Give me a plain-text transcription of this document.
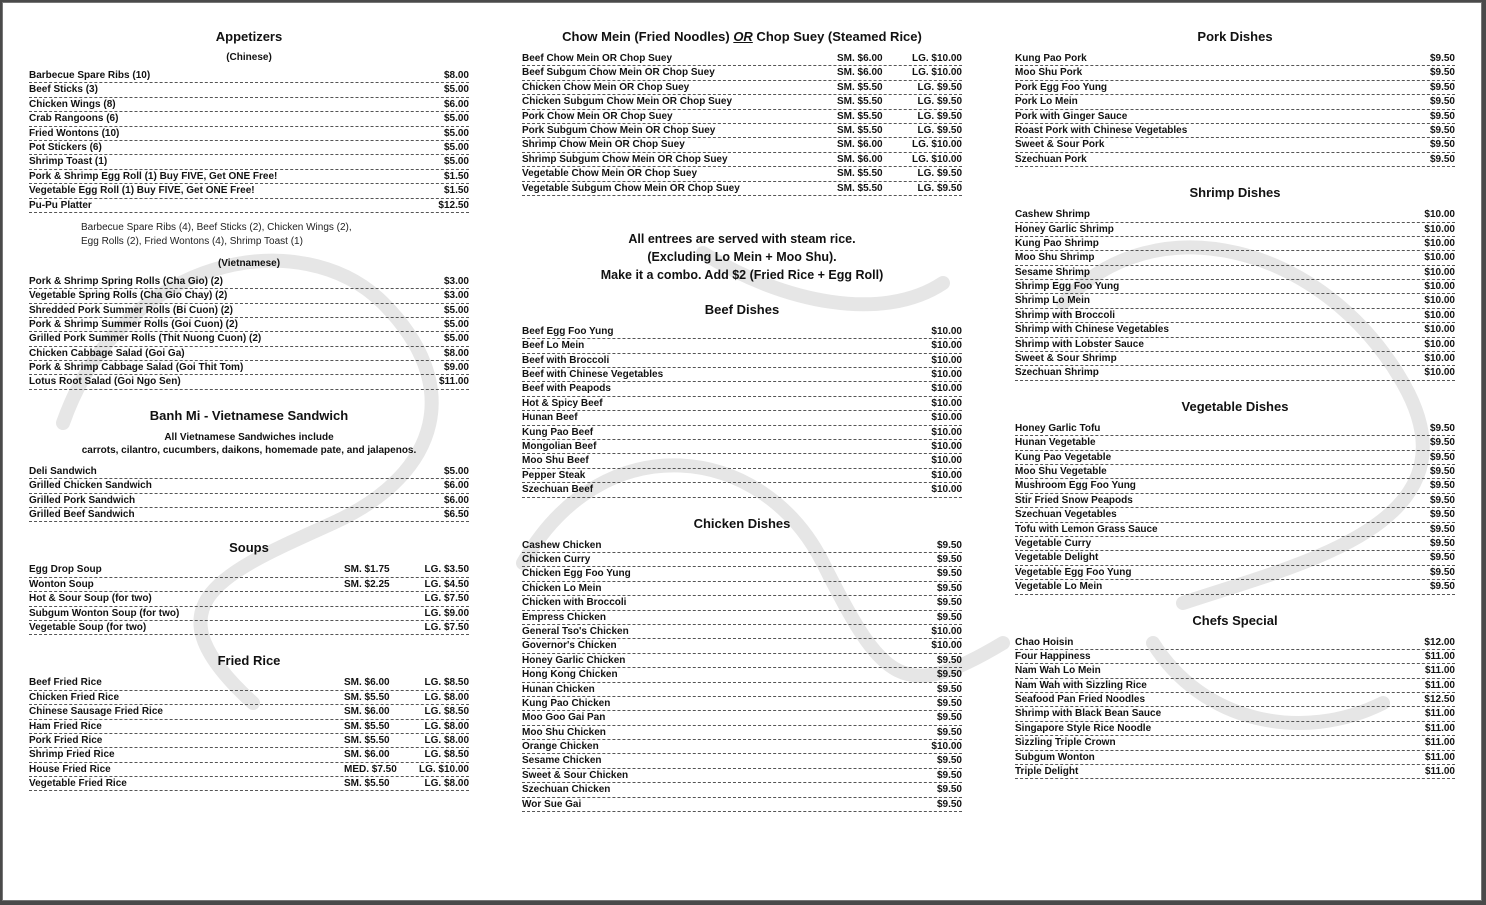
Appetizers
(Chinese)
Barbecue Spare Ribs (10)	$8.00
Beef Sticks (3)	$5.00
Chicken Wings (8)	$6.00
Crab Rangoons (6)	$5.00
Fried Wontons (10)	$5.00
Pot Stickers (6)	$5.00
Shrimp Toast (1)	$5.00
Pork & Shrimp Egg Roll (1) Buy FIVE, Get ONE Free!	$1.50
Vegetable Egg Roll (1) Buy FIVE, Get ONE Free!	$1.50
Pu-Pu Platter	$12.50
Barbecue Spare Ribs (4), Beef Sticks (2), Chicken Wings (2),
Egg Rolls (2), Fried Wontons (4), Shrimp Toast (1)
(Vietnamese)
Pork & Shrimp Spring Rolls (Cha Gio) (2)	$3.00
Vegetable Spring Rolls (Cha Gio Chay) (2)	$3.00
Shredded Pork Summer Rolls (Bi Cuon) (2)	$5.00
Pork & Shrimp Summer Rolls (Goi Cuon) (2)	$5.00
Grilled Pork Summer Rolls (Thit Nuong Cuon) (2)	$5.00
Chicken Cabbage Salad (Goi Ga)	$8.00
Pork & Shrimp Cabbage Salad (Goi Thit Tom)	$9.00
Lotus Root Salad (Goi Ngo Sen)	$11.00
Banh Mi - Vietnamese Sandwich
All Vietnamese Sandwiches include
carrots, cilantro, cucumbers, daikons, homemade pate, and jalapenos.
Deli Sandwich	$5.00
Grilled Chicken Sandwich	$6.00
Grilled Pork Sandwich	$6.00
Grilled Beef Sandwich	$6.50
Soups
Egg Drop Soup	SM. $1.75	LG. $3.50
Wonton Soup	SM. $2.25	LG. $4.50
Hot & Sour Soup (for two)	LG. $7.50
Subgum Wonton Soup (for two)	LG. $9.00
Vegetable Soup (for two)	LG. $7.50
Fried Rice
Beef Fried Rice	SM. $6.00	LG. $8.50
Chicken Fried Rice	SM. $5.50	LG. $8.00
Chinese Sausage Fried Rice	SM. $6.00	LG. $8.50
Ham Fried Rice	SM. $5.50	LG. $8.00
Pork Fried Rice	SM. $5.50	LG. $8.00
Shrimp Fried Rice	SM. $6.00	LG. $8.50
House Fried Rice	MED. $7.50	LG. $10.00
Vegetable Fried Rice	SM. $5.50	LG. $8.00
Chow Mein (Fried Noodles) OR Chop Suey (Steamed Rice)
Beef Chow Mein OR Chop Suey	SM. $6.00	LG. $10.00
Beef Subgum Chow Mein OR Chop Suey	SM. $6.00	LG. $10.00
Chicken Chow Mein OR Chop Suey	SM. $5.50	LG. $9.50
Chicken Subgum Chow Mein OR Chop Suey	SM. $5.50	LG. $9.50
Pork Chow Mein OR Chop Suey	SM. $5.50	LG. $9.50
Pork Subgum Chow Mein OR Chop Suey	SM. $5.50	LG. $9.50
Shrimp Chow Mein OR Chop Suey	SM. $6.00	LG. $10.00
Shrimp Subgum Chow Mein OR Chop Suey	SM. $6.00	LG. $10.00
Vegetable Chow Mein OR Chop Suey	SM. $5.50	LG. $9.50
Vegetable Subgum Chow Mein OR Chop Suey	SM. $5.50	LG. $9.50
All entrees are served with steam rice.
(Excluding Lo Mein + Moo Shu).
Make it a combo. Add $2 (Fried Rice + Egg Roll)
Beef Dishes
Beef Egg Foo Yung	$10.00
Beef Lo Mein	$10.00
Beef with Broccoli	$10.00
Beef with Chinese Vegetables	$10.00
Beef with Peapods	$10.00
Hot & Spicy Beef	$10.00
Hunan Beef	$10.00
Kung Pao Beef	$10.00
Mongolian Beef	$10.00
Moo Shu Beef	$10.00
Pepper Steak	$10.00
Szechuan Beef	$10.00
Chicken Dishes
Cashew Chicken	$9.50
Chicken Curry	$9.50
Chicken Egg Foo Yung	$9.50
Chicken Lo Mein	$9.50
Chicken with Broccoli	$9.50
Empress Chicken	$9.50
General Tso's Chicken	$10.00
Governor's Chicken	$10.00
Honey Garlic Chicken	$9.50
Hong Kong Chicken	$9.50
Hunan Chicken	$9.50
Kung Pao Chicken	$9.50
Moo Goo Gai Pan	$9.50
Moo Shu Chicken	$9.50
Orange Chicken	$10.00
Sesame Chicken	$9.50
Sweet & Sour Chicken	$9.50
Szechuan Chicken	$9.50
Wor Sue Gai	$9.50
Pork Dishes
Kung Pao Pork	$9.50
Moo Shu Pork	$9.50
Pork Egg Foo Yung	$9.50
Pork Lo Mein	$9.50
Pork with Ginger Sauce	$9.50
Roast Pork with Chinese Vegetables	$9.50
Sweet & Sour Pork	$9.50
Szechuan Pork	$9.50
Shrimp Dishes
Cashew Shrimp	$10.00
Honey Garlic Shrimp	$10.00
Kung Pao Shrimp	$10.00
Moo Shu Shrimp	$10.00
Sesame Shrimp	$10.00
Shrimp Egg Foo Yung	$10.00
Shrimp Lo Mein	$10.00
Shrimp with Broccoli	$10.00
Shrimp with Chinese Vegetables	$10.00
Shrimp with Lobster Sauce	$10.00
Sweet & Sour Shrimp	$10.00
Szechuan Shrimp	$10.00
Vegetable Dishes
Honey Garlic Tofu	$9.50
Hunan Vegetable	$9.50
Kung Pao Vegetable	$9.50
Moo Shu Vegetable	$9.50
Mushroom Egg Foo Yung	$9.50
Stir Fried Snow Peapods	$9.50
Szechuan Vegetables	$9.50
Tofu with Lemon Grass Sauce	$9.50
Vegetable Curry	$9.50
Vegetable Delight	$9.50
Vegetable Egg Foo Yung	$9.50
Vegetable Lo Mein	$9.50
Chefs Special
Chao Hoisin	$12.00
Four Happiness	$11.00
Nam Wah Lo Mein	$11.00
Nam Wah with Sizzling Rice	$11.00
Seafood Pan Fried Noodles	$12.50
Shrimp with Black Bean Sauce	$11.00
Singapore Style Rice Noodle	$11.00
Sizzling Triple Crown	$11.00
Subgum Wonton	$11.00
Triple Delight	$11.00
